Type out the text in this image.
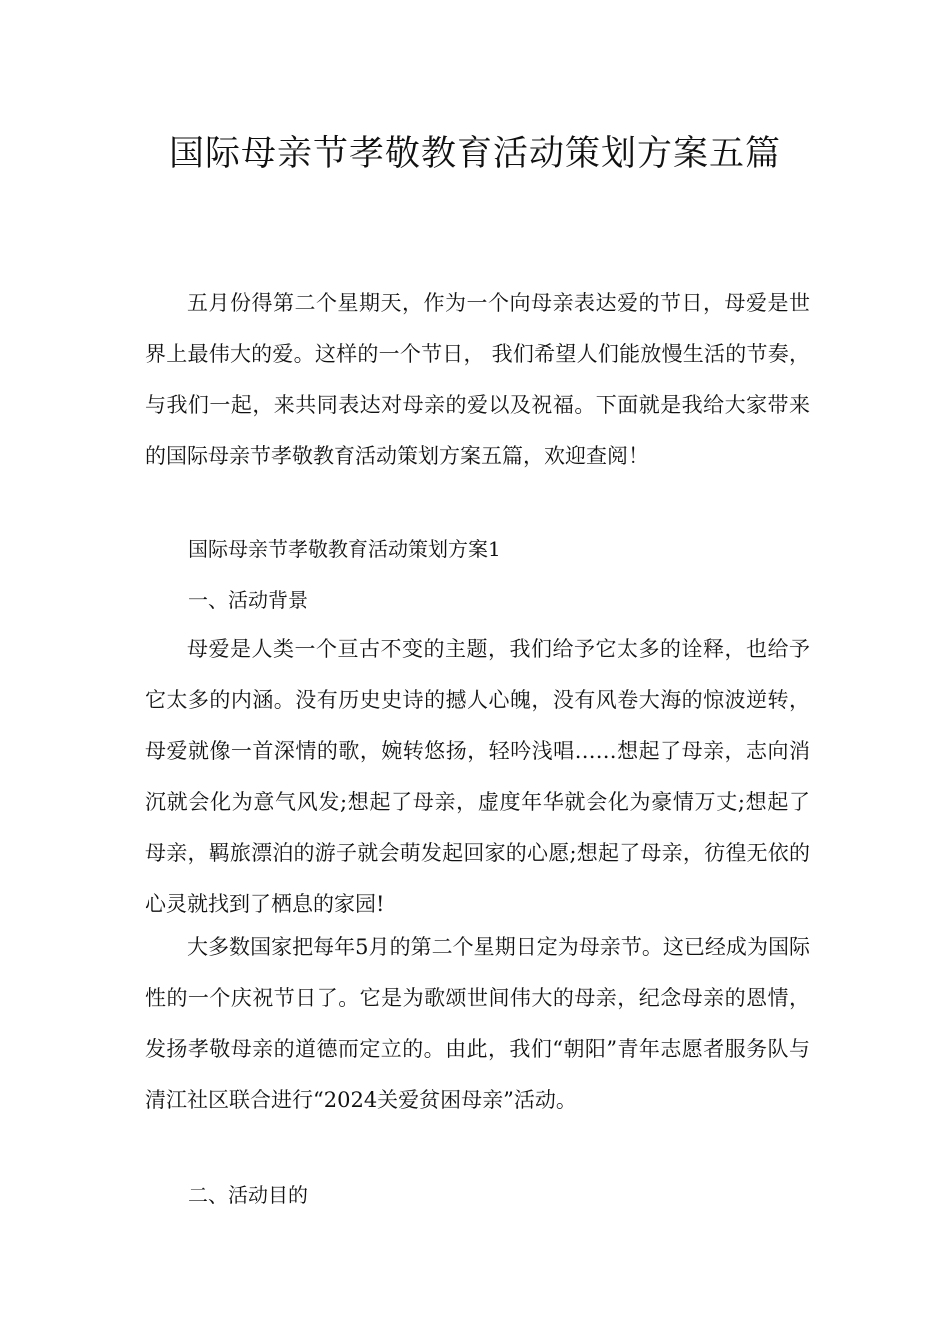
国际母亲节孝敬教育活动策划方案五篇

五月份得第二个星期天，作为一个向母亲表达爱的节日，母爱是世界上最伟大的爱。这样的一个节日， 我们希望人们能放慢生活的节奏，与我们一起，来共同表达对母亲的爱以及祝福。下面就是我给大家带来的国际母亲节孝敬教育活动策划方案五篇，欢迎查阅！

国际母亲节孝敬教育活动策划方案1

一、活动背景

母爱是人类一个亘古不变的主题，我们给予它太多的诠释，也给予它太多的内涵。没有历史史诗的撼人心魄，没有风卷大海的惊波逆转，母爱就像一首深情的歌，婉转悠扬，轻吟浅唱……想起了母亲，志向消沉就会化为意气风发;想起了母亲，虚度年华就会化为豪情万丈;想起了母亲，羁旅漂泊的游子就会萌发起回家的心愿;想起了母亲，彷徨无依的心灵就找到了栖息的家园!

大多数国家把每年5月的第二个星期日定为母亲节。这已经成为国际性的一个庆祝节日了。它是为歌颂世间伟大的母亲，纪念母亲的恩情，发扬孝敬母亲的道德而定立的。由此，我们“朝阳”青年志愿者服务队与清江社区联合进行“2024关爱贫困母亲”活动。

二、活动目的
